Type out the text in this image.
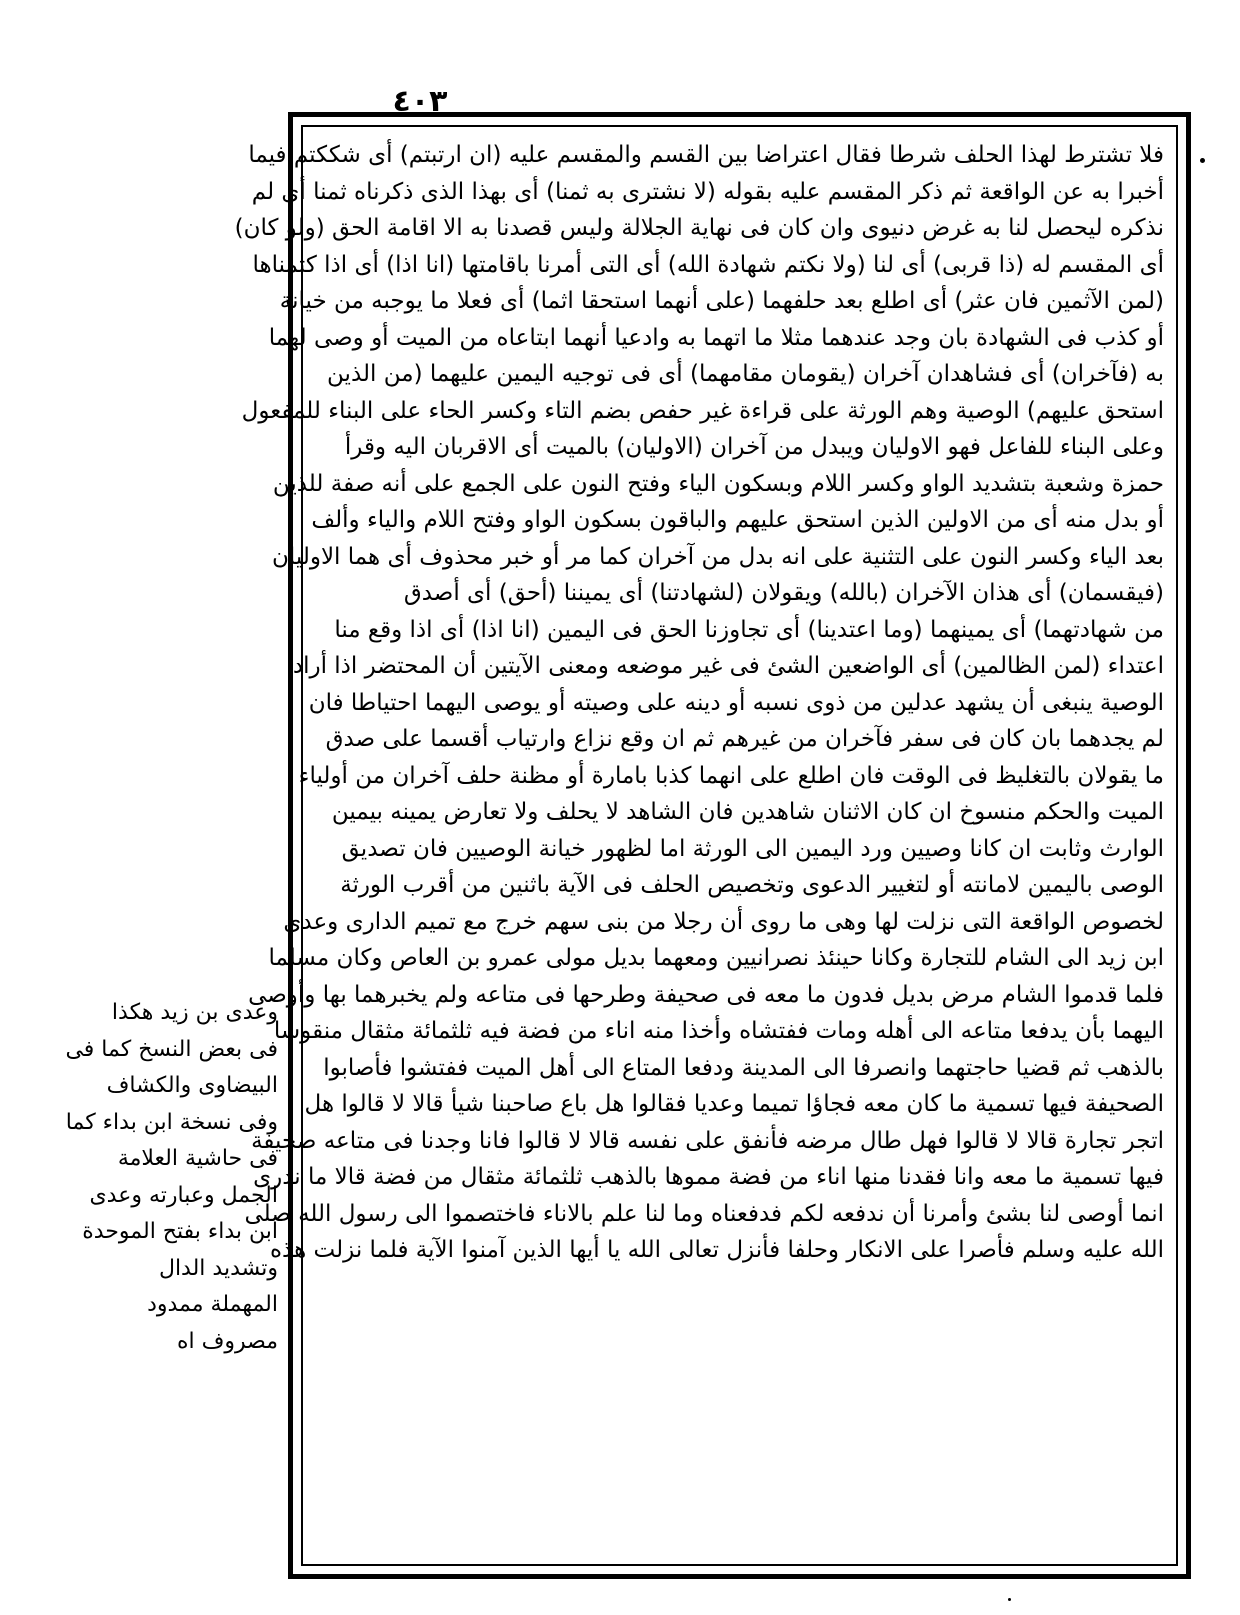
٤٠٣
فلا تشترط لهذا الحلف شرطا فقال اعتراضا بين القسم والمقسم عليه (ان ارتبتم) أى شككتم فيما
أخبرا به عن الواقعة ثم ذكر المقسم عليه بقوله (لا نشترى به ثمنا) أى بهذا الذى ذكرناه ثمنا أى لم
نذكره ليحصل لنا به غرض دنيوى وان كان فى نهاية الجلالة وليس قصدنا به الا اقامة الحق (ولو كان)
أى المقسم له (ذا قربى) أى لنا (ولا نكتم شهادة الله) أى التى أمرنا باقامتها (انا اذا) أى اذا كتمناها
(لمن الآثمين فان عثر) أى اطلع بعد حلفهما (على أنهما استحقا اثما) أى فعلا ما يوجبه من خيانة
أو كذب فى الشهادة بان وجد عندهما مثلا ما اتهما به وادعيا أنهما ابتاعاه من الميت أو وصى لهما
به (فآخران) أى فشاهدان آخران (يقومان مقامهما) أى فى توجيه اليمين عليهما (من الذين
استحق عليهم) الوصية وهم الورثة على قراءة غير حفص بضم التاء وكسر الحاء على البناء للمفعول
وعلى البناء للفاعل فهو الاوليان ويبدل من آخران (الاوليان) بالميت أى الاقربان اليه وقرأ
حمزة وشعبة بتشديد الواو وكسر اللام وبسكون الياء وفتح النون على الجمع على أنه صفة للذين
أو بدل منه أى من الاولين الذين استحق عليهم والباقون بسكون الواو وفتح اللام والياء وألف
بعد الياء وكسر النون على التثنية على انه بدل من آخران كما مر أو خبر محذوف أى هما الاوليان
(فيقسمان) أى هذان الآخران (بالله) ويقولان (لشهادتنا) أى يميننا (أحق) أى أصدق
من شهادتهما) أى يمينهما (وما اعتدينا) أى تجاوزنا الحق فى اليمين (انا اذا) أى اذا وقع منا
اعتداء (لمن الظالمين) أى الواضعين الشئ فى غير موضعه ومعنى الآيتين أن المحتضر اذا أراد
الوصية ينبغى أن يشهد عدلين من ذوى نسبه أو دينه على وصيته أو يوصى اليهما احتياطا فان
لم يجدهما بان كان فى سفر فآخران من غيرهم ثم ان وقع نزاع وارتياب أقسما على صدق
ما يقولان بالتغليظ فى الوقت فان اطلع على انهما كذبا بامارة أو مظنة حلف آخران من أولياء
الميت والحكم منسوخ ان كان الاثنان شاهدين فان الشاهد لا يحلف ولا تعارض يمينه بيمين
الوارث وثابت ان كانا وصيين ورد اليمين الى الورثة اما لظهور خيانة الوصيين فان تصديق
الوصى باليمين لامانته أو لتغيير الدعوى وتخصيص الحلف فى الآية باثنين من أقرب الورثة
لخصوص الواقعة التى نزلت لها وهى ما روى أن رجلا من بنى سهم خرج مع تميم الدارى وعدى
ابن زيد الى الشام للتجارة وكانا حينئذ نصرانيين ومعهما بديل مولى عمرو بن العاص وكان مسلما
فلما قدموا الشام مرض بديل فدون ما معه فى صحيفة وطرحها فى متاعه ولم يخبرهما بها وأوصى
اليهما بأن يدفعا متاعه الى أهله ومات ففتشاه وأخذا منه اناء من فضة فيه ثلثمائة مثقال منقوشا
بالذهب ثم قضيا حاجتهما وانصرفا الى المدينة ودفعا المتاع الى أهل الميت ففتشوا فأصابوا
الصحيفة فيها تسمية ما كان معه فجاؤا تميما وعديا فقالوا هل باع صاحبنا شيأ قالا لا قالوا هل
اتجر تجارة قالا لا قالوا فهل طال مرضه فأنفق على نفسه قالا لا قالوا فانا وجدنا فى متاعه صحيفة
فيها تسمية ما معه وانا فقدنا منها اناء من فضة مموها بالذهب ثلثمائة مثقال من فضة قالا ما ندرى
انما أوصى لنا بشئ وأمرنا أن ندفعه لكم فدفعناه وما لنا علم بالاناء فاختصموا الى رسول الله صلى
الله عليه وسلم فأصرا على الانكار وحلفا فأنزل تعالى الله يا أيها الذين آمنوا الآية فلما نزلت هذه
وعدى بن زيد هكذا
فى بعض النسخ كما فى
البيضاوى والكشاف
وفى نسخة ابن بداء كما
فى حاشية العلامة
الجمل وعبارته وعدى
ابن بداء بفتح الموحدة
وتشديد الدال
المهملة ممدود
مصروف اه
